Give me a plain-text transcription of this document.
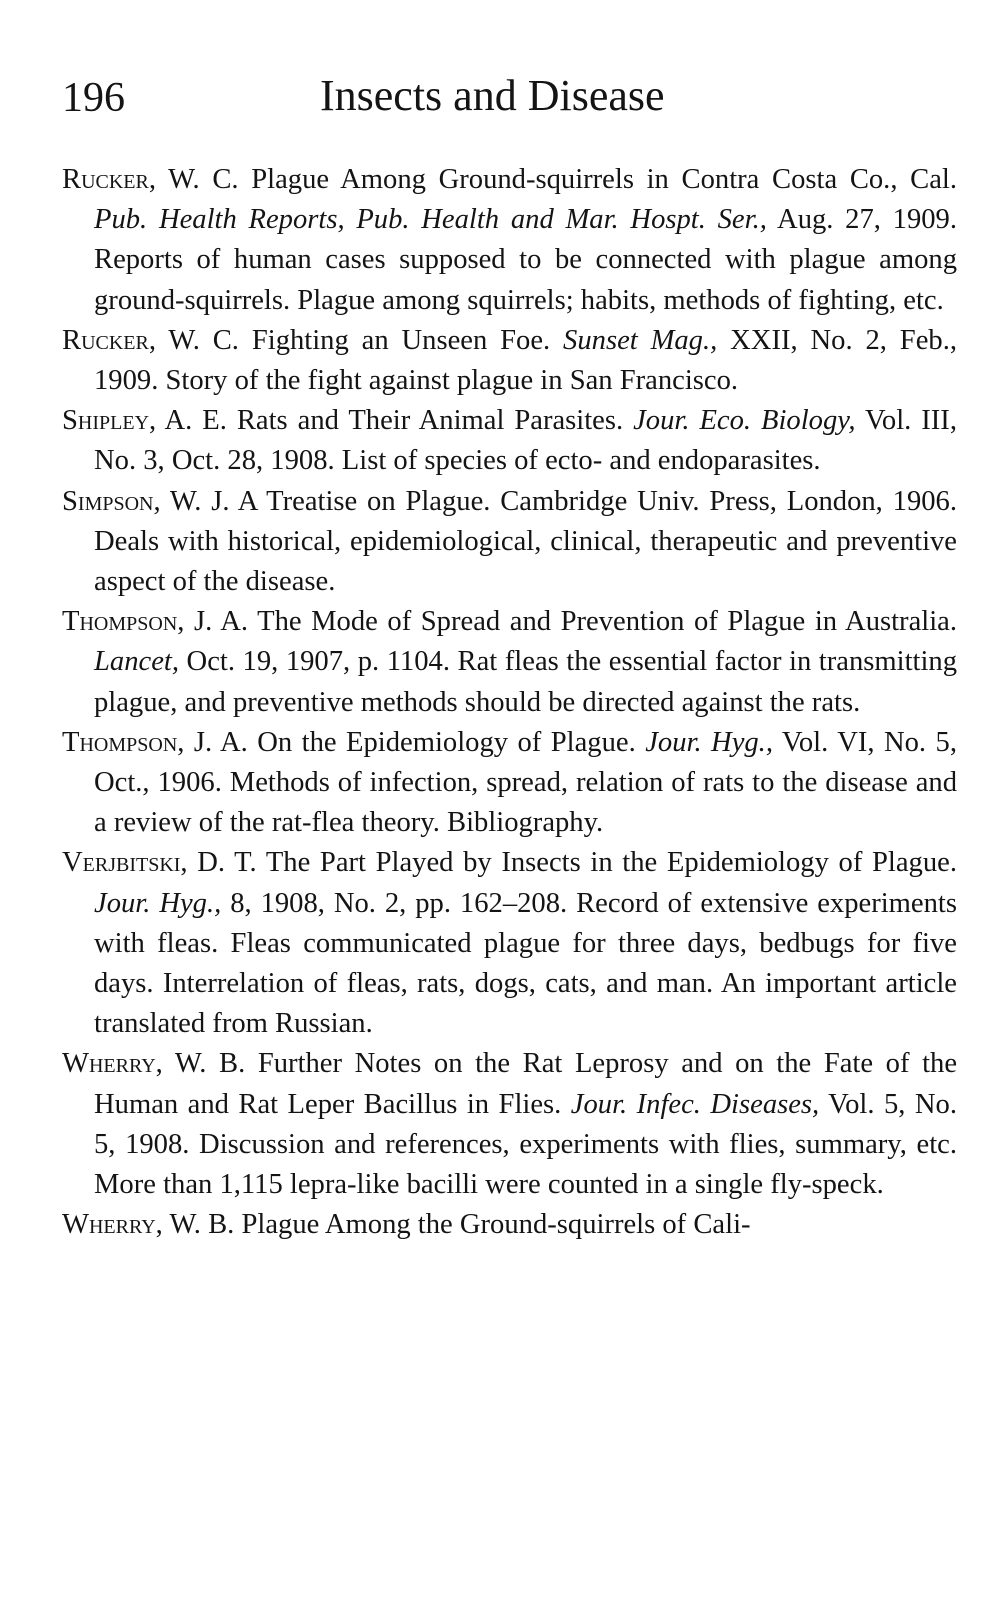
196	Insects and Disease

Rucker, W. C. Plague Among Ground-squirrels in Contra Costa Co., Cal. Pub. Health Reports, Pub. Health and Mar. Hospt. Ser., Aug. 27, 1909. Reports of human cases supposed to be connected with plague among ground-squirrels. Plague among squirrels; habits, methods of fighting, etc.

Rucker, W. C. Fighting an Unseen Foe. Sunset Mag., XXII, No. 2, Feb., 1909. Story of the fight against plague in San Francisco.

Shipley, A. E. Rats and Their Animal Parasites. Jour. Eco. Biology, Vol. III, No. 3, Oct. 28, 1908. List of species of ecto- and endoparasites.

Simpson, W. J. A Treatise on Plague. Cambridge Univ. Press, London, 1906. Deals with historical, epidemiological, clinical, therapeutic and preventive aspect of the disease.

Thompson, J. A. The Mode of Spread and Prevention of Plague in Australia. Lancet, Oct. 19, 1907, p. 1104. Rat fleas the essential factor in transmitting plague, and preventive methods should be directed against the rats.

Thompson, J. A. On the Epidemiology of Plague. Jour. Hyg., Vol. VI, No. 5, Oct., 1906. Methods of infection, spread, relation of rats to the disease and a review of the rat-flea theory. Bibliography.

Verjbitski, D. T. The Part Played by Insects in the Epidemiology of Plague. Jour. Hyg., 8, 1908, No. 2, pp. 162–208. Record of extensive experiments with fleas. Fleas communicated plague for three days, bedbugs for five days. Interrelation of fleas, rats, dogs, cats, and man. An important article translated from Russian.

Wherry, W. B. Further Notes on the Rat Leprosy and on the Fate of the Human and Rat Leper Bacillus in Flies. Jour. Infec. Diseases, Vol. 5, No. 5, 1908. Discussion and references, experiments with flies, summary, etc. More than 1,115 lepra-like bacilli were counted in a single fly-speck.

Wherry, W. B. Plague Among the Ground-squirrels of Cali-
